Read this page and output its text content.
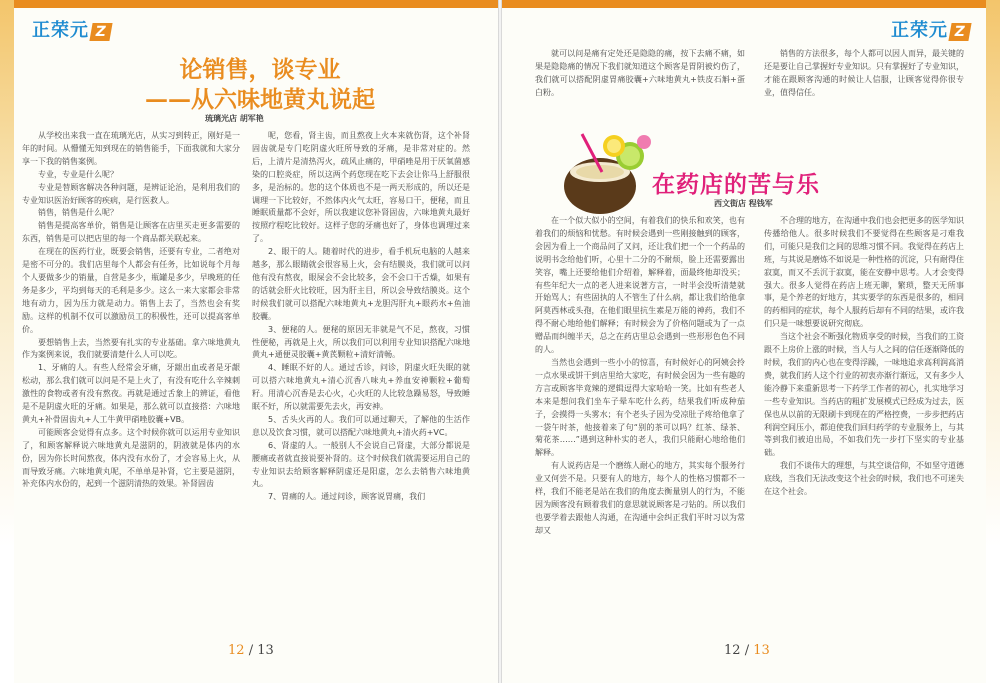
正荣元 Z
论销售，谈专业
——从六味地黄丸说起
琉璃光店 胡军艳

从学校出来我一直在琉璃光店，从实习到转正，刚好是一年的时间。从懵懂无知到现在的销售能手，下面我就和大家分享一下我的销售案例。

专业，专业是什么呢？

专业是替顾客解决各种问题，是辨证论治，是利用我们的专业知识医治好顾客的疾病，是行医救人。

销售，销售是什么呢？

销售是提高客单价，销售是让顾客在店里买走更多需要的东西，销售是可以把店里的每一个商品都关联起来。

在现在的医药行业，既要会销售，还要有专业，二者绝对是密不可分的。我们店里每个人都会有任务，比如说每个月每个人要做多少的销量，自营是多少，瓶罐是多少，早晚班的任务是多少，平均到每天的毛利是多少。这么一来大家都会非常地有动力，因为压力就是动力。销售上去了，当然也会有奖励。这样的机制不仅可以激励员工的积极性，还可以提高客单价。

要想销售上去，当然要有扎实的专业基础。拿六味地黄丸作为案例来说，我们就要清楚什么人可以吃。

1、牙痛的人。有些人经常会牙痛，牙龈出血或者是牙龈松动，那么我们就可以问是不是上火了，有没有吃什么辛辣刺激性的食物或者有没有熬夜。再就是通过舌象上的辨证，看他是不是阴虚火旺的牙痛。如果是，那么就可以直接搭：六味地黄丸+补骨固齿丸+人工牛黄甲硝唑胶囊+VB。

可能顾客会觉得有点多。这个时候你就可以运用专业知识了，和顾客解释说六味地黄丸是滋阴的，阴液就是体内的水份，因为你长时间熬夜，体内没有水份了，才会容易上火，从而导致牙痛。六味地黄丸呢，不单单是补肾，它主要是滋阴，补充体内水份的，起到一个滋阴清热的效果。补肾固齿

呢，您看，肾主齿，而且熬夜上火本来就伤肾，这个补肾固齿就是专门吃阴虚火旺所导致的牙痛，是非常对症的。然后，上清片是清热泻火，疏风止痛的，甲硝唑是用于厌氧菌感染的口腔炎症，所以这两个药您现在吃下去会让你马上舒服很多，是治标的。您的这个体质也不是一两天形成的，所以还是调理一下比较好，不然体内火气太旺，容易口干，便秘，而且睡眠质量都不会好，所以我建议您补肾固齿，六味地黄丸最好按照疗程吃比较好。这样子您的牙痛也好了，身体也调理过来了。

2、眼干的人。随着时代的进步，看手机玩电脑的人越来越多，那么眼睛就会很容易上火，会有结膜炎，我们就可以问他有没有熬夜，眼屎会不会比较多，会不会口干舌燥，如果有的话就会肝火比较旺，因为肝主目，所以会导致结膜炎。这个时候我们就可以搭配六味地黄丸+龙胆泻肝丸+眼药水+鱼油胶囊。

3、便秘的人。便秘的原因无非就是气不足，熬夜，习惯性便秘，再就是上火，所以我们可以利用专业知识搭配六味地黄丸+通便灵胶囊+黄芪颗粒+清好清畅。

4、睡眠不好的人。通过舌诊，问诊，阴虚火旺失眠的就可以搭六味地黄丸+清心沉香八味丸+养血安神颗粒+葡萄籽。用清心沉香是去心火，心火旺的人比较急躁易怒，导致睡眠不好，所以就需要先去火，再安神。

5、舌头火再的人。我们可以通过聊天，了解他的生活作息以及饮食习惯，就可以搭配六味地黄丸+清火药+VC。

6、肾虚的人。一般别人不会说自己肾虚，大部分都说是腰痛或者就直接说要补肾的。这个时候我们就需要运用自己的专业知识去给顾客解释阴虚还是阳虚，怎么去销售六味地黄丸。

7、胃痛的人。通过问诊，顾客说胃痛，我们

12 / 13
正荣元 Z

就可以问是痛有定处还是隐隐的痛，按下去痛不痛，如果是隐隐痛的情况下我们就知道这个顾客是胃阴被灼伤了，我们就可以搭配阴虚胃痛胶囊+六味地黄丸+铁皮石斛+蛋白粉。

销售的方法很多，每个人都可以因人而异，最关键的还是要让自己掌握好专业知识。只有掌握好了专业知识，才能在跟顾客沟通的时候让人信服，让顾客觉得你很专业，值得信任。

在药店的苦与乐
西文街店 程钱军

在一个似大似小的空间，有着我们的快乐和欢笑，也有着我们的烦恼和忧愁。有时候会遇到一些刚接触到的顾客，会因为看上一个商品问了又问，还让我们把一个一个药品的说明书念给他们听，心里十二分的不耐烦，脸上还需要露出笑容，嘴上还要给他们介绍着，解释着，面最终他却没买；有些年纪大一点的老人进来说著方言，一时半会没听清楚就开始骂人；有些固执的人不管生了什么病，都让我们给他拿阿莫西林或头孢，在他们眼里抗生素是万能的神药，我们不得不耐心地给他们解释；有时候会为了价格问题或为了一点赠品而纠缠半天，总之在药店里总会遇到一些形形色色不同的人。

当然也会遇到一些小小的惊喜，有时候好心的阿姨会拎一点水果或饼干到店里给大家吃，有时候会因为一些有趣的方言或顾客毕竟辣的逻辑逗得大家哈哈一笑。比如有些老人本来是想问我们坐车子晕车吃什么药，结果我们听成种茄子，会摸得一头雾水；有个老头子因为受凉肚子疼给他拿了一袋午时茶，他接着来了句“别的茶可以吗？红茶、绿茶、菊花茶……”遇到这种朴实的老人，我们只能耐心地给他们解释。

有人说药店是一个磨练人耐心的地方，其实每个服务行业又何尝不是。只要有人的地方，每个人的性格习惯都不一样，我们不能老是站在我们的角度去衡量别人的行为，不能因为顾客没有顾着我们的意思就说顾客是刁钻的。所以我们也要学着去跟他人沟通，在沟通中会纠正我们平时习以为常却又

不合理的地方，在沟通中我们也会把更多的医学知识传播给他人。很多时候我们不要觉得在些顾客是刁难我们，可能只是我们之间的思维习惯不同。我觉得在药店上班，与其说是磨炼不如说是一种性格的沉淀，只有耐得住寂寞，而又不丢沉于寂寞，能在安静中思考。人才会变得强大。很多人觉得在药店上班无聊，繁琐，整天无所事事，是个养老的好地方，其实要学的东西是很多的，相同的药相同的症状，每个人服药后却有不同的结果，或许我们只是一味想要说研究彻底。

当这个社会不断强化物质享受的时候，当我们的工资跟不上房价上涨的时候，当人与人之间的信任逐渐降低的时候，我们的内心也在变得浮躁，一味地追求高利润高消费，就我们药人这个行业的初衷亦渐行渐远，又有多少人能冷静下来重新思考一下药学工作者的初心，扎实地学习一些专业知识。当药店的粗扩发展模式已经成为过去，医保也从以前的无限刷卡到现在的严格控费，一步步把药店利润空间压小，都迫使我们回归药学的专业服务上，与其等到我们被迫出局，不如我们先一步打下坚实的专业基础。

我们不谈伟大的理想，与其空谈信仰，不如坚守道德底线，当我们无法改变这个社会的时候，我们也不可迷失在这个社会。

12 / 13
